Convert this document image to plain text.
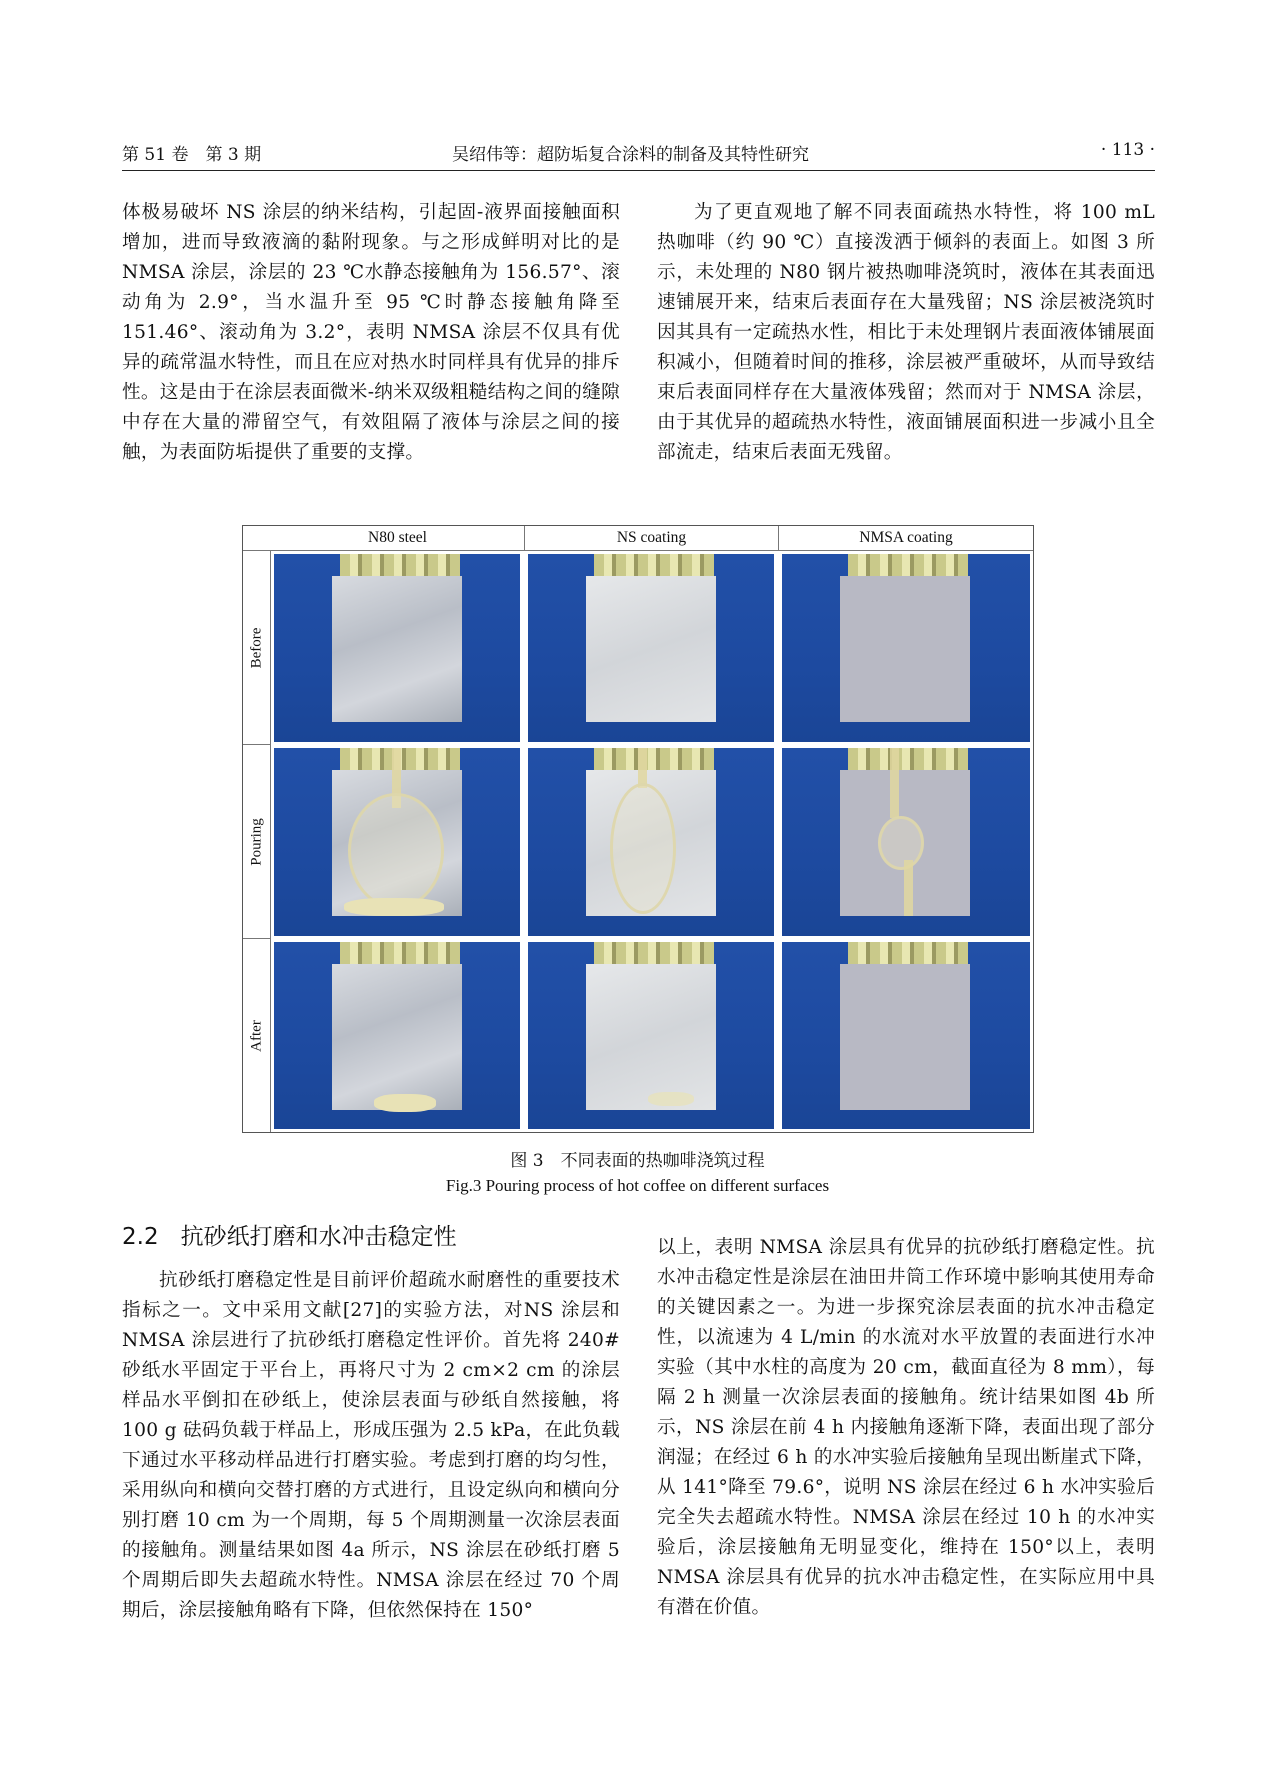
第 51 卷　第 3 期	吴绍伟等：超防垢复合涂料的制备及其特性研究	· 113 ·

体极易破坏 NS 涂层的纳米结构，引起固-液界面接触面积增加，进而导致液滴的黏附现象。与之形成鲜明对比的是 NMSA 涂层，涂层的 23 ℃水静态接触角为 156.57°、滚动角为 2.9°，当水温升至 95 ℃时静态接触角降至 151.46°、滚动角为 3.2°，表明 NMSA 涂层不仅具有优异的疏常温水特性，而且在应对热水时同样具有优异的排斥性。这是由于在涂层表面微米-纳米双级粗糙结构之间的缝隙中存在大量的滞留空气，有效阻隔了液体与涂层之间的接触，为表面防垢提供了重要的支撑。

为了更直观地了解不同表面疏热水特性，将 100 mL 热咖啡（约 90 ℃）直接泼洒于倾斜的表面上。如图 3 所示，未处理的 N80 钢片被热咖啡浇筑时，液体在其表面迅速铺展开来，结束后表面存在大量残留；NS 涂层被浇筑时因其具有一定疏热水性，相比于未处理钢片表面液体铺展面积减小，但随着时间的推移，涂层被严重破坏，从而导致结束后表面同样存在大量液体残留；然而对于 NMSA 涂层，由于其优异的超疏热水特性，液面铺展面积进一步减小且全部流走，结束后表面无残留。

N80 steel	NS coating	NMSA coating
Before
Pouring
After
图 3　不同表面的热咖啡浇筑过程
Fig.3 Pouring process of hot coffee on different surfaces
2.2 抗砂纸打磨和水冲击稳定性

抗砂纸打磨稳定性是目前评价超疏水耐磨性的重要技术指标之一。文中采用文献[27]的实验方法，对NS 涂层和NMSA 涂层进行了抗砂纸打磨稳定性评价。首先将 240#砂纸水平固定于平台上，再将尺寸为 2 cm×2 cm 的涂层样品水平倒扣在砂纸上，使涂层表面与砂纸自然接触，将 100 g 砝码负载于样品上，形成压强为 2.5 kPa，在此负载下通过水平移动样品进行打磨实验。考虑到打磨的均匀性，采用纵向和横向交替打磨的方式进行，且设定纵向和横向分别打磨 10 cm 为一个周期，每 5 个周期测量一次涂层表面的接触角。测量结果如图 4a 所示，NS 涂层在砂纸打磨 5 个周期后即失去超疏水特性。NMSA 涂层在经过 70 个周期后，涂层接触角略有下降，但依然保持在 150°

以上，表明 NMSA 涂层具有优异的抗砂纸打磨稳定性。抗水冲击稳定性是涂层在油田井筒工作环境中影响其使用寿命的关键因素之一。为进一步探究涂层表面的抗水冲击稳定性，以流速为 4 L/min 的水流对水平放置的表面进行水冲实验（其中水柱的高度为 20 cm，截面直径为 8 mm），每隔 2 h 测量一次涂层表面的接触角。统计结果如图 4b 所示，NS 涂层在前 4 h 内接触角逐渐下降，表面出现了部分润湿；在经过 6 h 的水冲实验后接触角呈现出断崖式下降，从 141°降至 79.6°，说明 NS 涂层在经过 6 h 水冲实验后完全失去超疏水特性。NMSA 涂层在经过 10 h 的水冲实验后，涂层接触角无明显变化，维持在 150°以上，表明 NMSA 涂层具有优异的抗水冲击稳定性，在实际应用中具有潜在价值。
